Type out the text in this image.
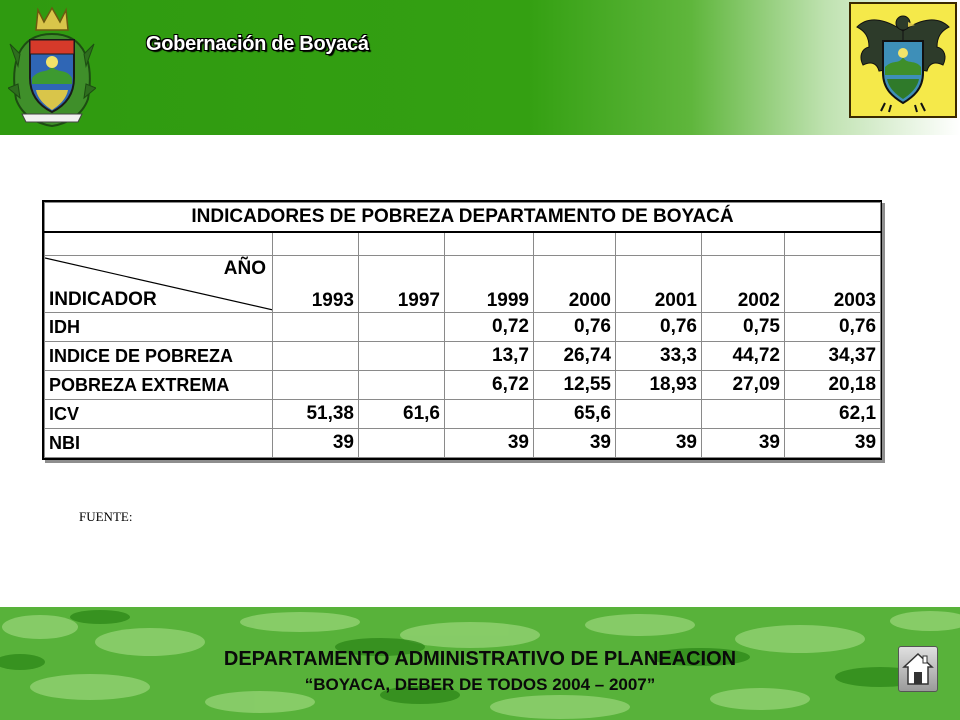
Gobernación de Boyacá
INDICADORES DE POBREZA DEPARTAMENTO DE BOYACÁ							

AÑO
INDICADOR	1993	1997	1999	2000	2001	2002	2003
IDH			0,72	0,76	0,76	0,75	0,76
INDICE DE POBREZA			13,7	26,74	33,3	44,72	34,37
POBREZA EXTREMA			6,72	12,55	18,93	27,09	20,18
ICV	51,38	61,6		65,6			62,1
NBI	39		39	39	39	39	39
FUENTE:
DEPARTAMENTO ADMINISTRATIVO DE PLANEACION
“BOYACA, DEBER DE TODOS 2004 – 2007”
